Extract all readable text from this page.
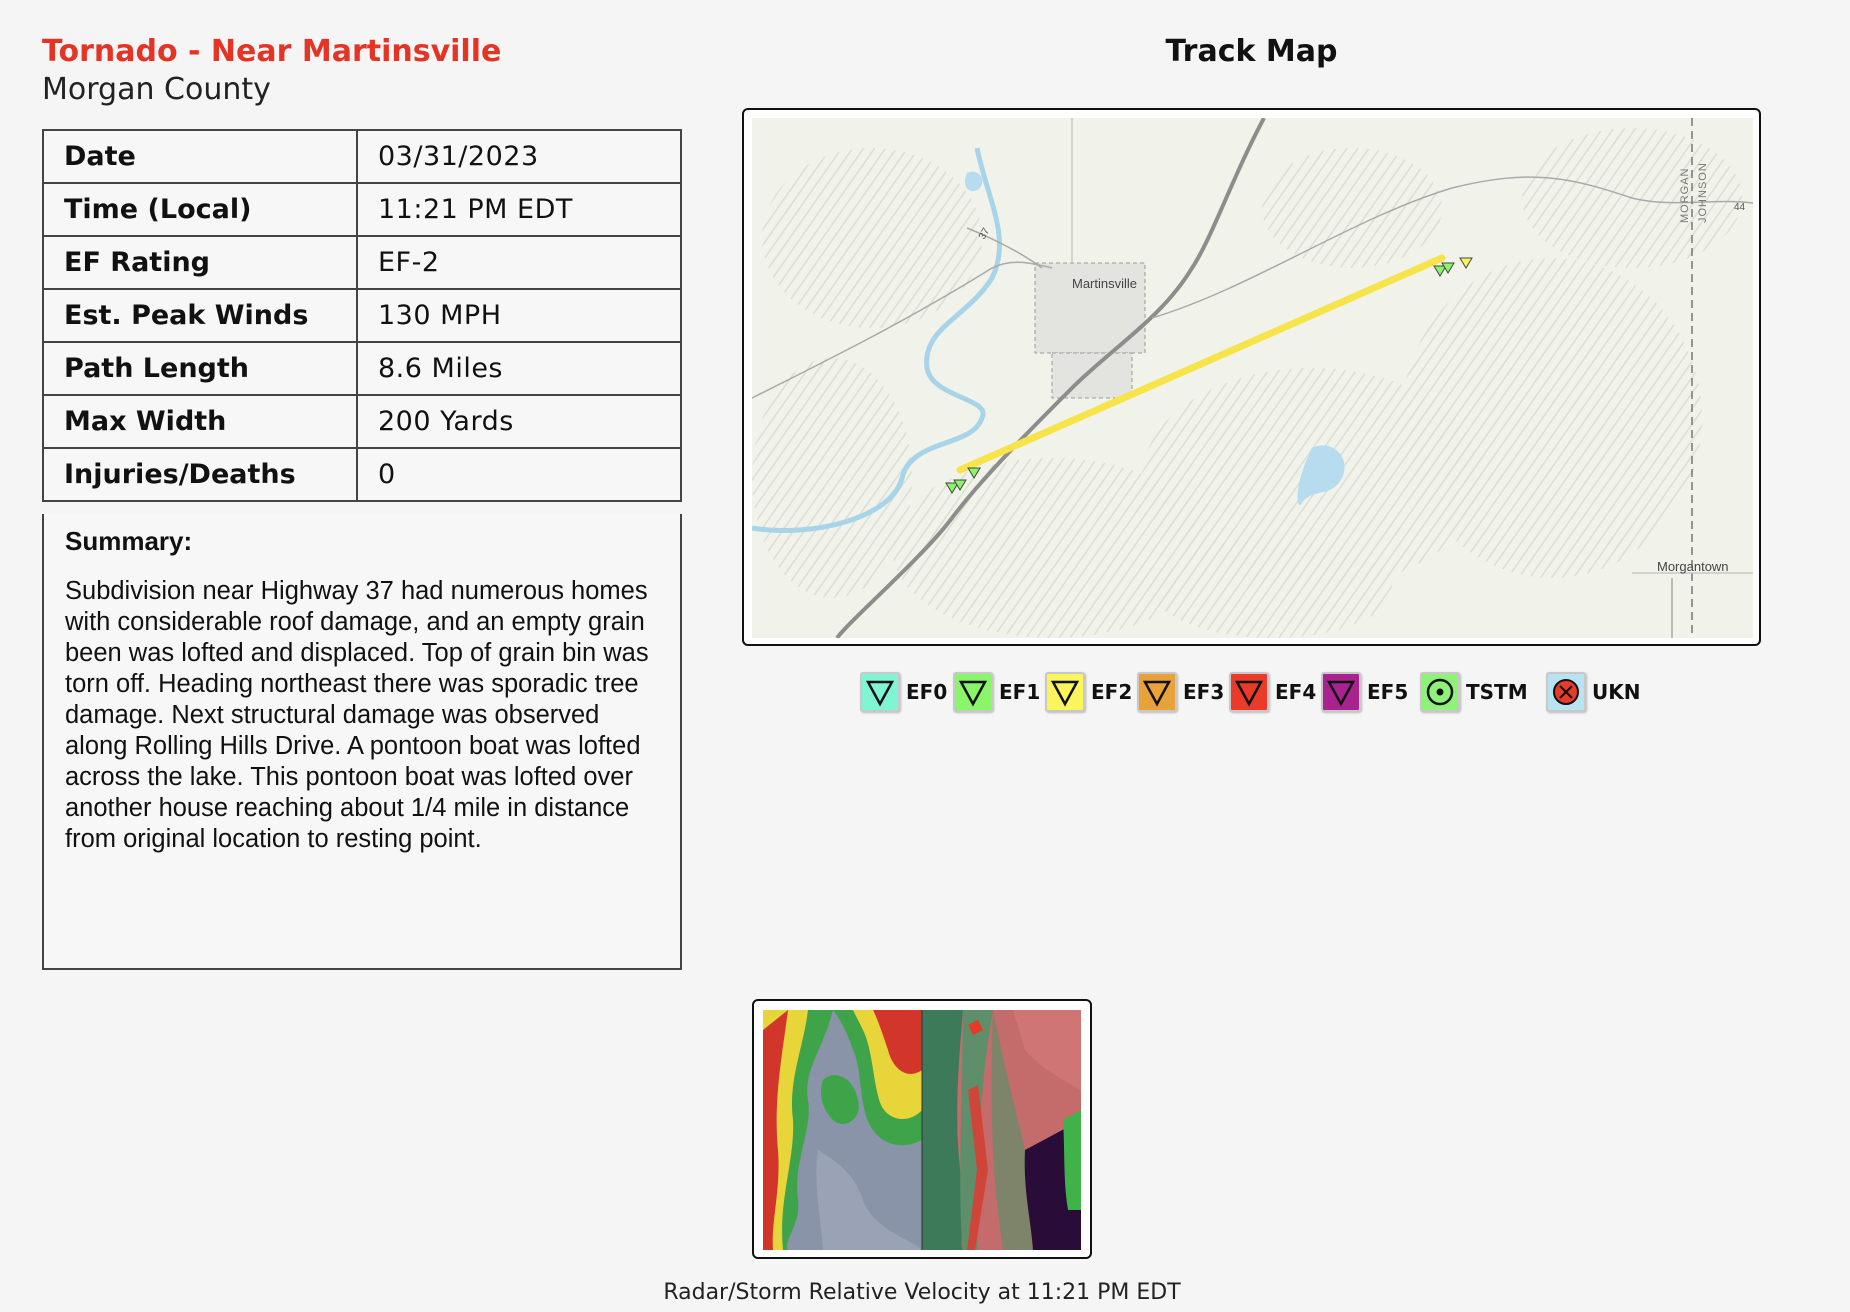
Tornado - Near Martinsville
Morgan County
Date	03/31/2023
Time (Local)	11:21 PM EDT
EF Rating	EF-2
Est. Peak Winds	130 MPH
Path Length	8.6 Miles
Max Width	200 Yards
Injuries/Deaths	0
Summary:
Subdivision near Highway 37 had numerous homes with considerable roof damage, and an empty grain been was lofted and displaced. Top of grain bin was torn off. Heading northeast there was sporadic tree damage. Next structural damage was observed along Rolling Hills Drive. A pontoon boat was lofted across the lake. This pontoon boat was lofted over another house reaching about 1/4 mile in distance from original location to resting point.
Track Map
Martinsville
Morgantown
37
44
MORGAN JOHNSON
EF0	EF1	EF2	EF3	EF4	EF5	TSTM	UKN
Radar/Storm Relative Velocity at 11:21 PM EDT
